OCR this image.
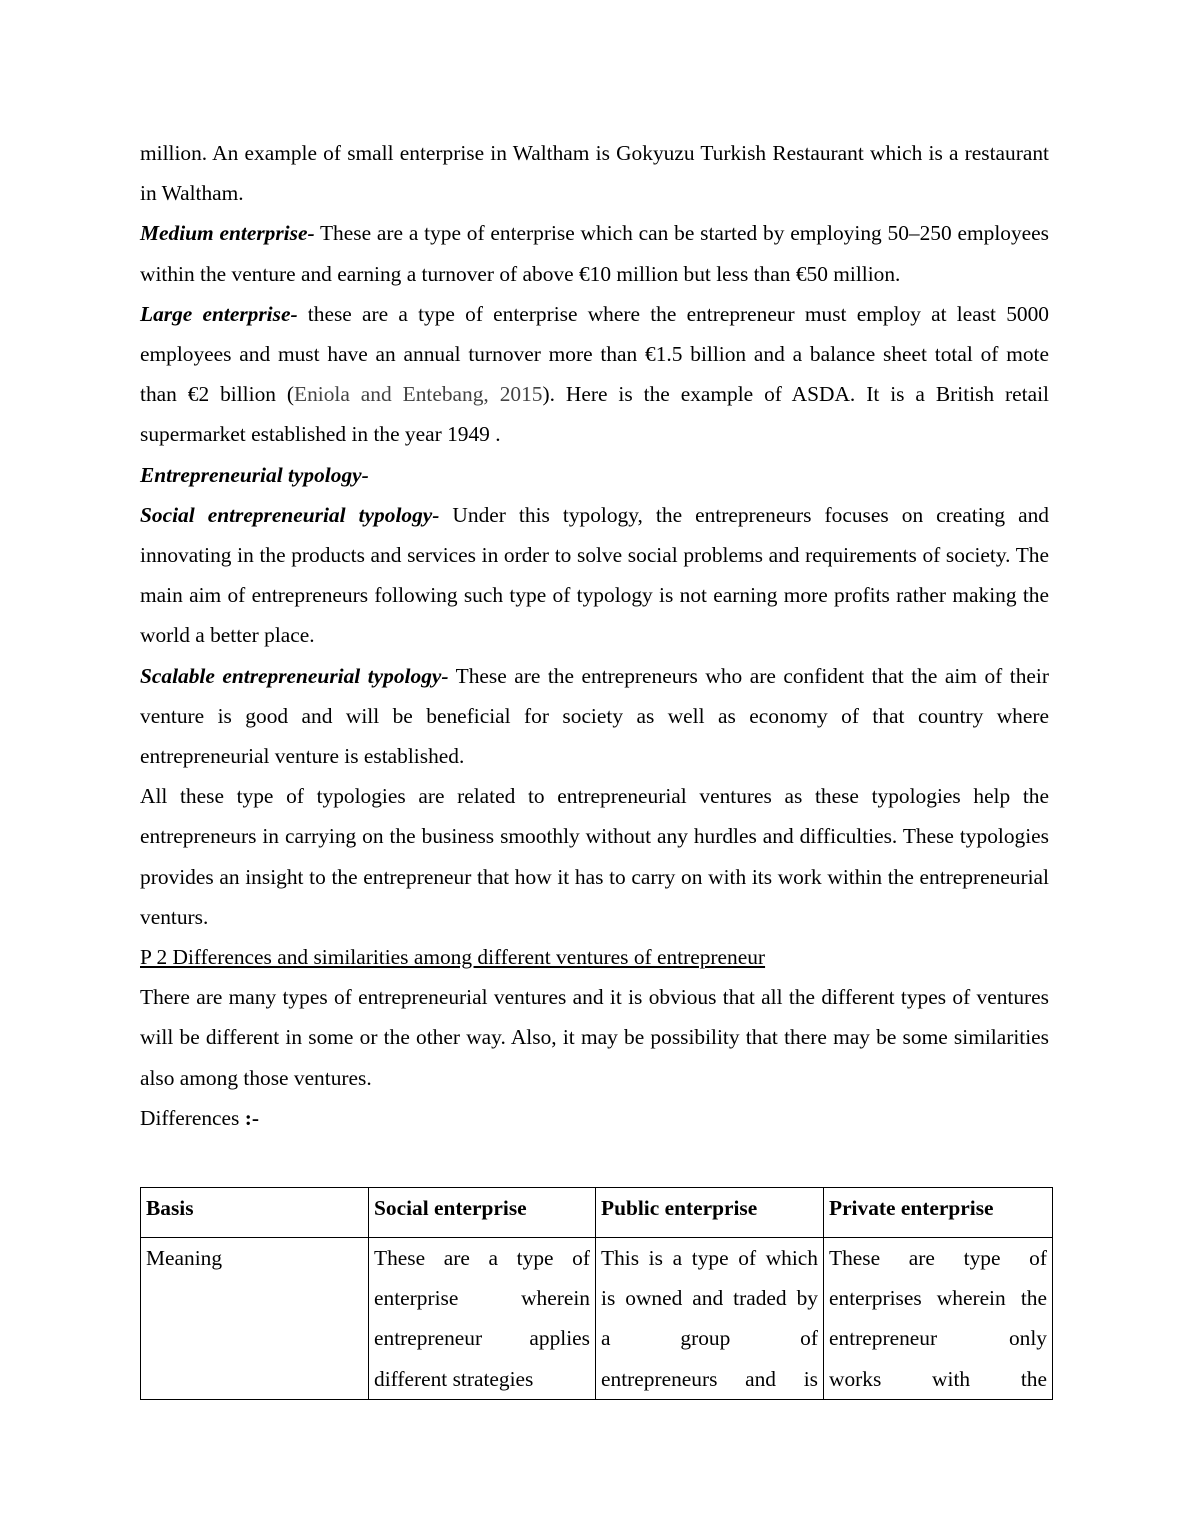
million. An example of small enterprise in Waltham is Gokyuzu Turkish Restaurant which is a restaurant in Waltham.

Medium enterprise- These are a type of enterprise which can be started by employing 50–250 employees within the venture and earning a turnover of above €10 million but less than €50 million.

Large enterprise- these are a type of enterprise where the entrepreneur must employ at least 5000 employees and must have an annual turnover more than €1.5 billion and a balance sheet total of mote than €2 billion (Eniola and Entebang, 2015). Here is the example of ASDA. It is a British retail supermarket established in the year 1949 .

Entrepreneurial typology-

Social entrepreneurial typology- Under this typology, the entrepreneurs focuses on creating and innovating in the products and services in order to solve social problems and requirements of society. The main aim of entrepreneurs following such type of typology is not earning more profits rather making the world a better place.

Scalable entrepreneurial typology- These are the entrepreneurs who are confident that the aim of their venture is good and will be beneficial for society as well as economy of that country where entrepreneurial venture is established.

All these type of typologies are related to entrepreneurial ventures as these typologies help the entrepreneurs in carrying on the business smoothly without any hurdles and difficulties. These typologies provides an insight to the entrepreneur that how it has to carry on with its work within the entrepreneurial venturs.

P 2 Differences and similarities among different ventures of entrepreneur

There are many types of entrepreneurial ventures and it is obvious that all the different types of ventures will be different in some or the other way. Also, it may be possibility that there may be some similarities also among those ventures.

Differences :-

Basis	Social enterprise	Public enterprise	Private enterprise
Meaning	These are a type of
enterprise wherein
entrepreneur applies
different strategies	This is a type of which
is owned and traded by
a group of
entrepreneurs and is	These are type of
enterprises wherein the
entrepreneur only
works with the
